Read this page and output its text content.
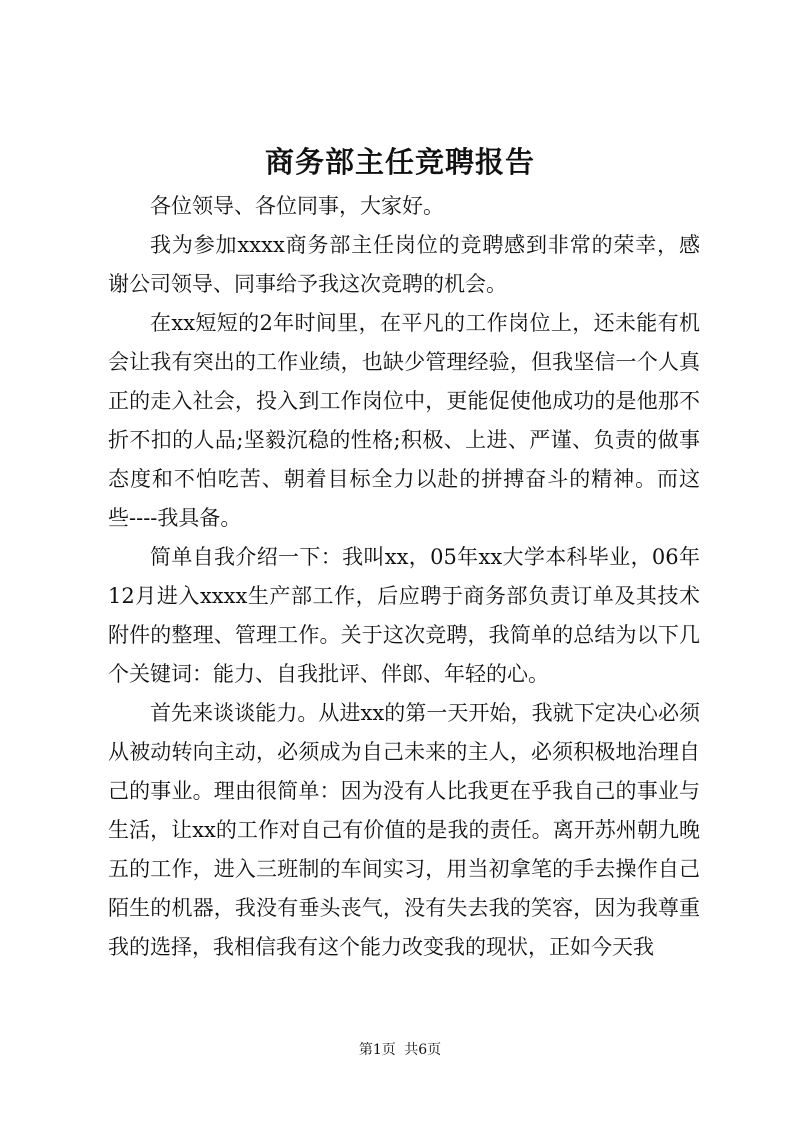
商务部主任竞聘报告

各位领导、各位同事，大家好。

我为参加xxxx商务部主任岗位的竞聘感到非常的荣幸，感谢公司领导、同事给予我这次竞聘的机会。

在xx短短的2年时间里，在平凡的工作岗位上，还未能有机会让我有突出的工作业绩，也缺少管理经验，但我坚信一个人真正的走入社会，投入到工作岗位中，更能促使他成功的是他那不折不扣的人品;坚毅沉稳的性格;积极、上进、严谨、负责的做事态度和不怕吃苦、朝着目标全力以赴的拼搏奋斗的精神。而这些----我具备。

简单自我介绍一下：我叫xx，05年xx大学本科毕业，06年12月进入xxxx生产部工作，后应聘于商务部负责订单及其技术附件的整理、管理工作。关于这次竞聘，我简单的总结为以下几个关键词：能力、自我批评、伴郎、年轻的心。

首先来谈谈能力。从进xx的第一天开始，我就下定决心必须从被动转向主动，必须成为自己未来的主人，必须积极地治理自己的事业。理由很简单：因为没有人比我更在乎我自己的事业与生活，让xx的工作对自己有价值的是我的责任。离开苏州朝九晚五的工作，进入三班制的车间实习，用当初拿笔的手去操作自己陌生的机器，我没有垂头丧气，没有失去我的笑容，因为我尊重我的选择，我相信我有这个能力改变我的现状，正如今天我

第1页 共6页
